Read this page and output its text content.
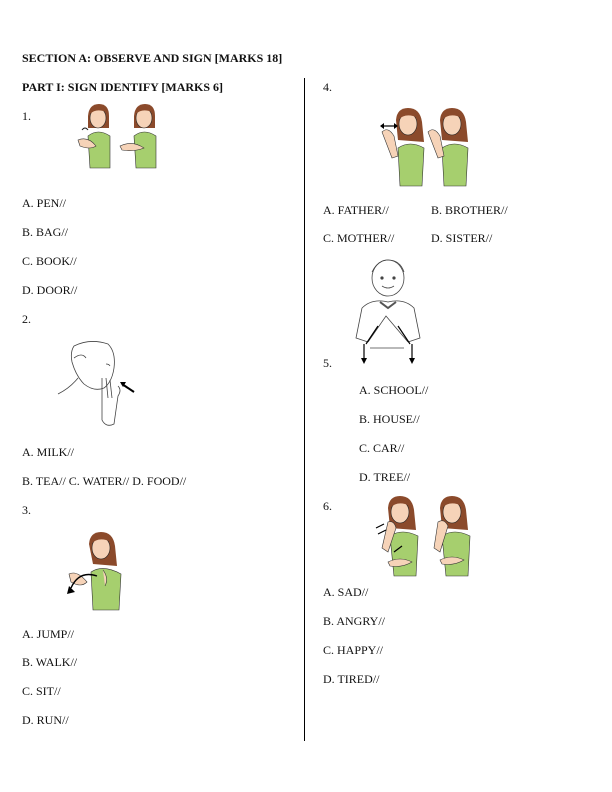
SECTION A: OBSERVE AND SIGN [MARKS 18]
PART I: SIGN IDENTIFY [MARKS 6]
1.
A. PEN//
B. BAG//
C. BOOK//
D. DOOR//
2.
A. MILK//
B. TEA// C. WATER// D. FOOD//
3.
A. JUMP//
B. WALK//
C. SIT//
D. RUN//
4.
A. FATHER//	B. BROTHER//
C. MOTHER//	D. SISTER//
5.
A. SCHOOL//
B. HOUSE//
C. CAR//
D. TREE//
6.
A. SAD//
B. ANGRY//
C. HAPPY//
D. TIRED//
